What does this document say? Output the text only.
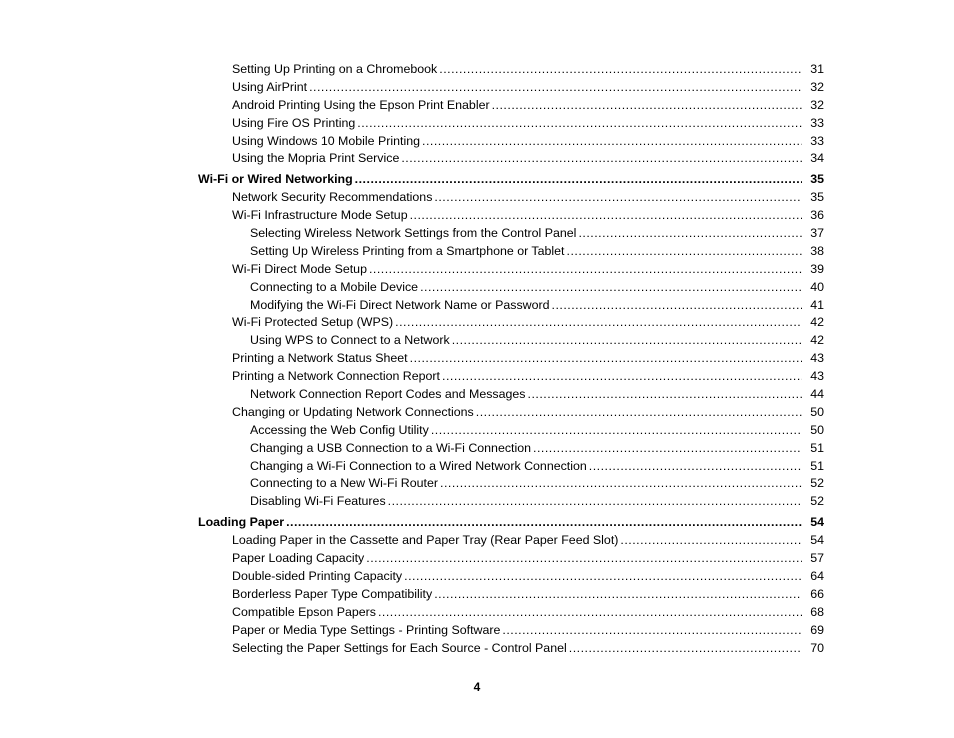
Setting Up Printing on a Chromebook .....	31
Using AirPrint .....	32
Android Printing Using the Epson Print Enabler .....	32
Using Fire OS Printing .....	33
Using Windows 10 Mobile Printing .....	33
Using the Mopria Print Service .....	34
Wi-Fi or Wired Networking .....	35
Network Security Recommendations .....	35
Wi-Fi Infrastructure Mode Setup .....	36
Selecting Wireless Network Settings from the Control Panel .....	37
Setting Up Wireless Printing from a Smartphone or Tablet .....	38
Wi-Fi Direct Mode Setup .....	39
Connecting to a Mobile Device .....	40
Modifying the Wi-Fi Direct Network Name or Password .....	41
Wi-Fi Protected Setup (WPS) .....	42
Using WPS to Connect to a Network .....	42
Printing a Network Status Sheet .....	43
Printing a Network Connection Report .....	43
Network Connection Report Codes and Messages .....	44
Changing or Updating Network Connections .....	50
Accessing the Web Config Utility .....	50
Changing a USB Connection to a Wi-Fi Connection .....	51
Changing a Wi-Fi Connection to a Wired Network Connection .....	51
Connecting to a New Wi-Fi Router .....	52
Disabling Wi-Fi Features .....	52
Loading Paper .....	54
Loading Paper in the Cassette and Paper Tray (Rear Paper Feed Slot) .....	54
Paper Loading Capacity .....	57
Double-sided Printing Capacity .....	64
Borderless Paper Type Compatibility .....	66
Compatible Epson Papers .....	68
Paper or Media Type Settings - Printing Software .....	69
Selecting the Paper Settings for Each Source - Control Panel .....	70
4
